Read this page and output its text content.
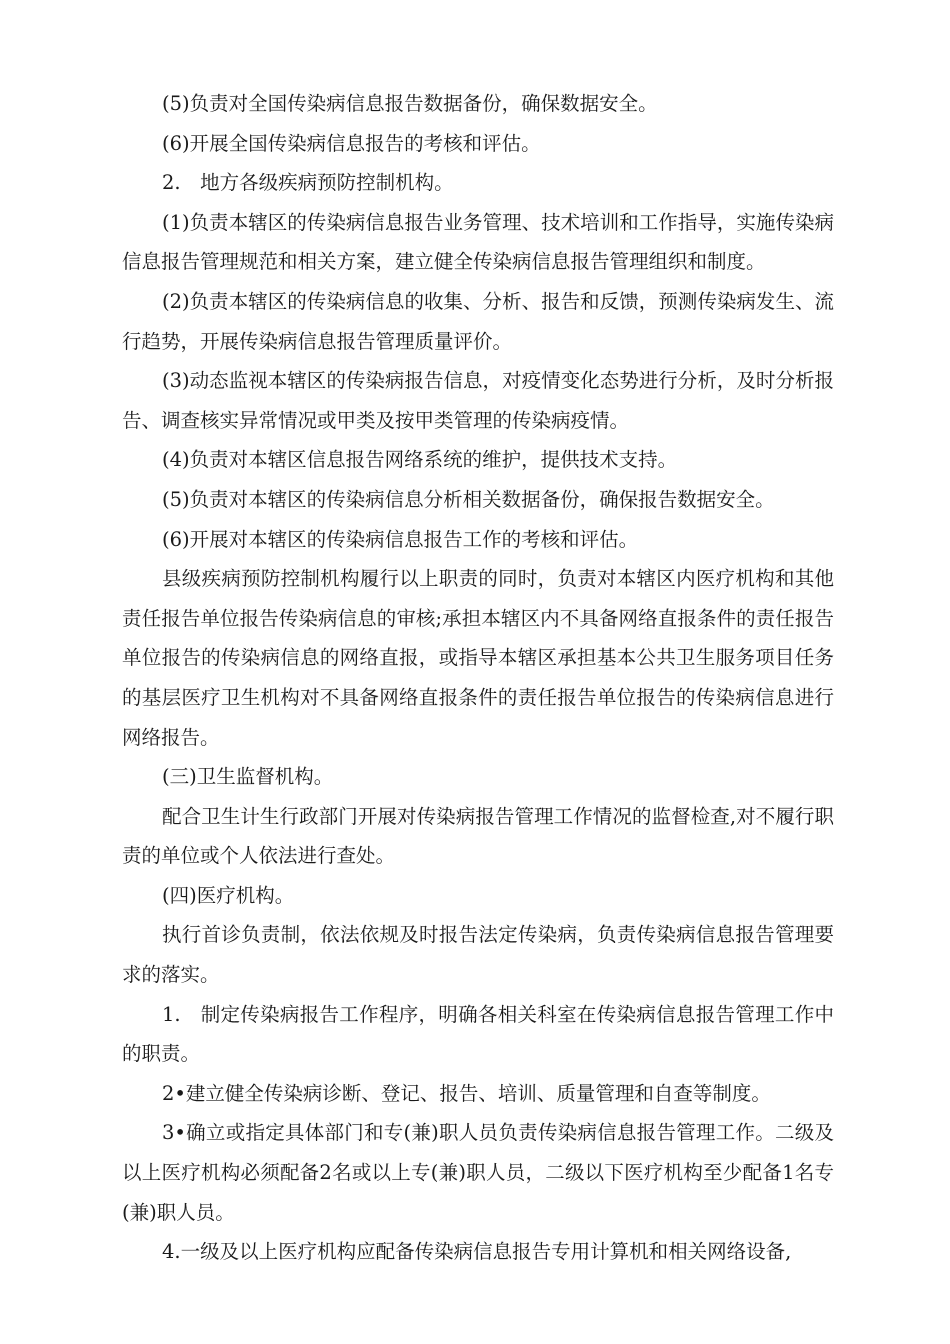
(5)负责对全国传染病信息报告数据备份，确保数据安全。

(6)开展全国传染病信息报告的考核和评估。

2.　地方各级疾病预防控制机构。

(1)负责本辖区的传染病信息报告业务管理、技术培训和工作指导，实施传染病信息报告管理规范和相关方案，建立健全传染病信息报告管理组织和制度。

(2)负责本辖区的传染病信息的收集、分析、报告和反馈，预测传染病发生、流行趋势，开展传染病信息报告管理质量评价。

(3)动态监视本辖区的传染病报告信息，对疫情变化态势进行分析，及时分析报告、调查核实异常情况或甲类及按甲类管理的传染病疫情。

(4)负责对本辖区信息报告网络系统的维护，提供技术支持。

(5)负责对本辖区的传染病信息分析相关数据备份，确保报告数据安全。

(6)开展对本辖区的传染病信息报告工作的考核和评估。

县级疾病预防控制机构履行以上职责的同时，负责对本辖区内医疗机构和其他责任报告单位报告传染病信息的审核;承担本辖区内不具备网络直报条件的责任报告单位报告的传染病信息的网络直报，或指导本辖区承担基本公共卫生服务项目任务的基层医疗卫生机构对不具备网络直报条件的责任报告单位报告的传染病信息进行网络报告。

(三)卫生监督机构。

配合卫生计生行政部门开展对传染病报告管理工作情况的监督检查,对不履行职责的单位或个人依法进行查处。

(四)医疗机构。

执行首诊负责制，依法依规及时报告法定传染病，负责传染病信息报告管理要求的落实。

1.　制定传染病报告工作程序，明确各相关科室在传染病信息报告管理工作中的职责。

2•建立健全传染病诊断、登记、报告、培训、质量管理和自查等制度。

3•确立或指定具体部门和专(兼)职人员负责传染病信息报告管理工作。二级及以上医疗机构必须配备2名或以上专(兼)职人员，二级以下医疗机构至少配备1名专(兼)职人员。

4.一级及以上医疗机构应配备传染病信息报告专用计算机和相关网络设备,
